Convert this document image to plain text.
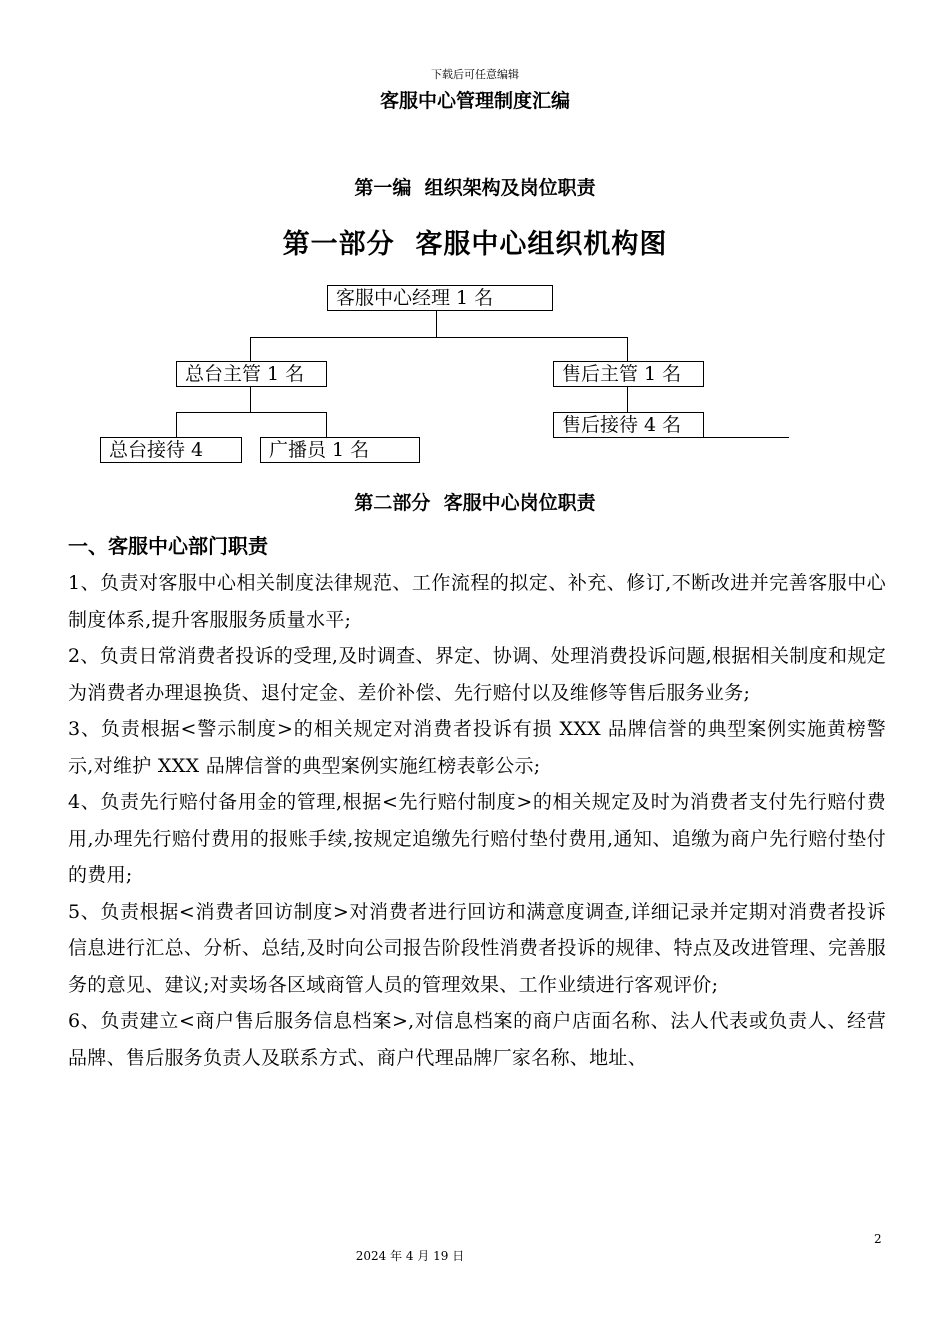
下载后可任意编辑
客服中心管理制度汇编
第一编  组织架构及岗位职责
第一部分  客服中心组织机构图
客服中心经理 1 名
总台主管 1 名	售后主管 1 名
总台接待 4	广播员 1 名
售后接待 4 名
第二部分  客服中心岗位职责
一、客服中心部门职责

1、负责对客服中心相关制度法律规范、工作流程的拟定、补充、修订,不断改进并完善客服中心制度体系,提升客服服务质量水平;

2、负责日常消费者投诉的受理,及时调查、界定、协调、处理消费投诉问题,根据相关制度和规定为消费者办理退换货、退付定金、差价补偿、先行赔付以及维修等售后服务业务;

3、负责根据<警示制度>的相关规定对消费者投诉有损 XXX 品牌信誉的典型案例实施黄榜警示,对维护 XXX 品牌信誉的典型案例实施红榜表彰公示;

4、负责先行赔付备用金的管理,根据<先行赔付制度>的相关规定及时为消费者支付先行赔付费用,办理先行赔付费用的报账手续,按规定追缴先行赔付垫付费用,通知、追缴为商户先行赔付垫付的费用;

5、负责根据<消费者回访制度>对消费者进行回访和满意度调查,详细记录并定期对消费者投诉信息进行汇总、分析、总结,及时向公司报告阶段性消费者投诉的规律、特点及改进管理、完善服务的意见、建议;对卖场各区域商管人员的管理效果、工作业绩进行客观评价;

6、负责建立<商户售后服务信息档案>,对信息档案的商户店面名称、法人代表或负责人、经营品牌、售后服务负责人及联系方式、商户代理品牌厂家名称、地址、

2
2024 年 4 月 19 日
